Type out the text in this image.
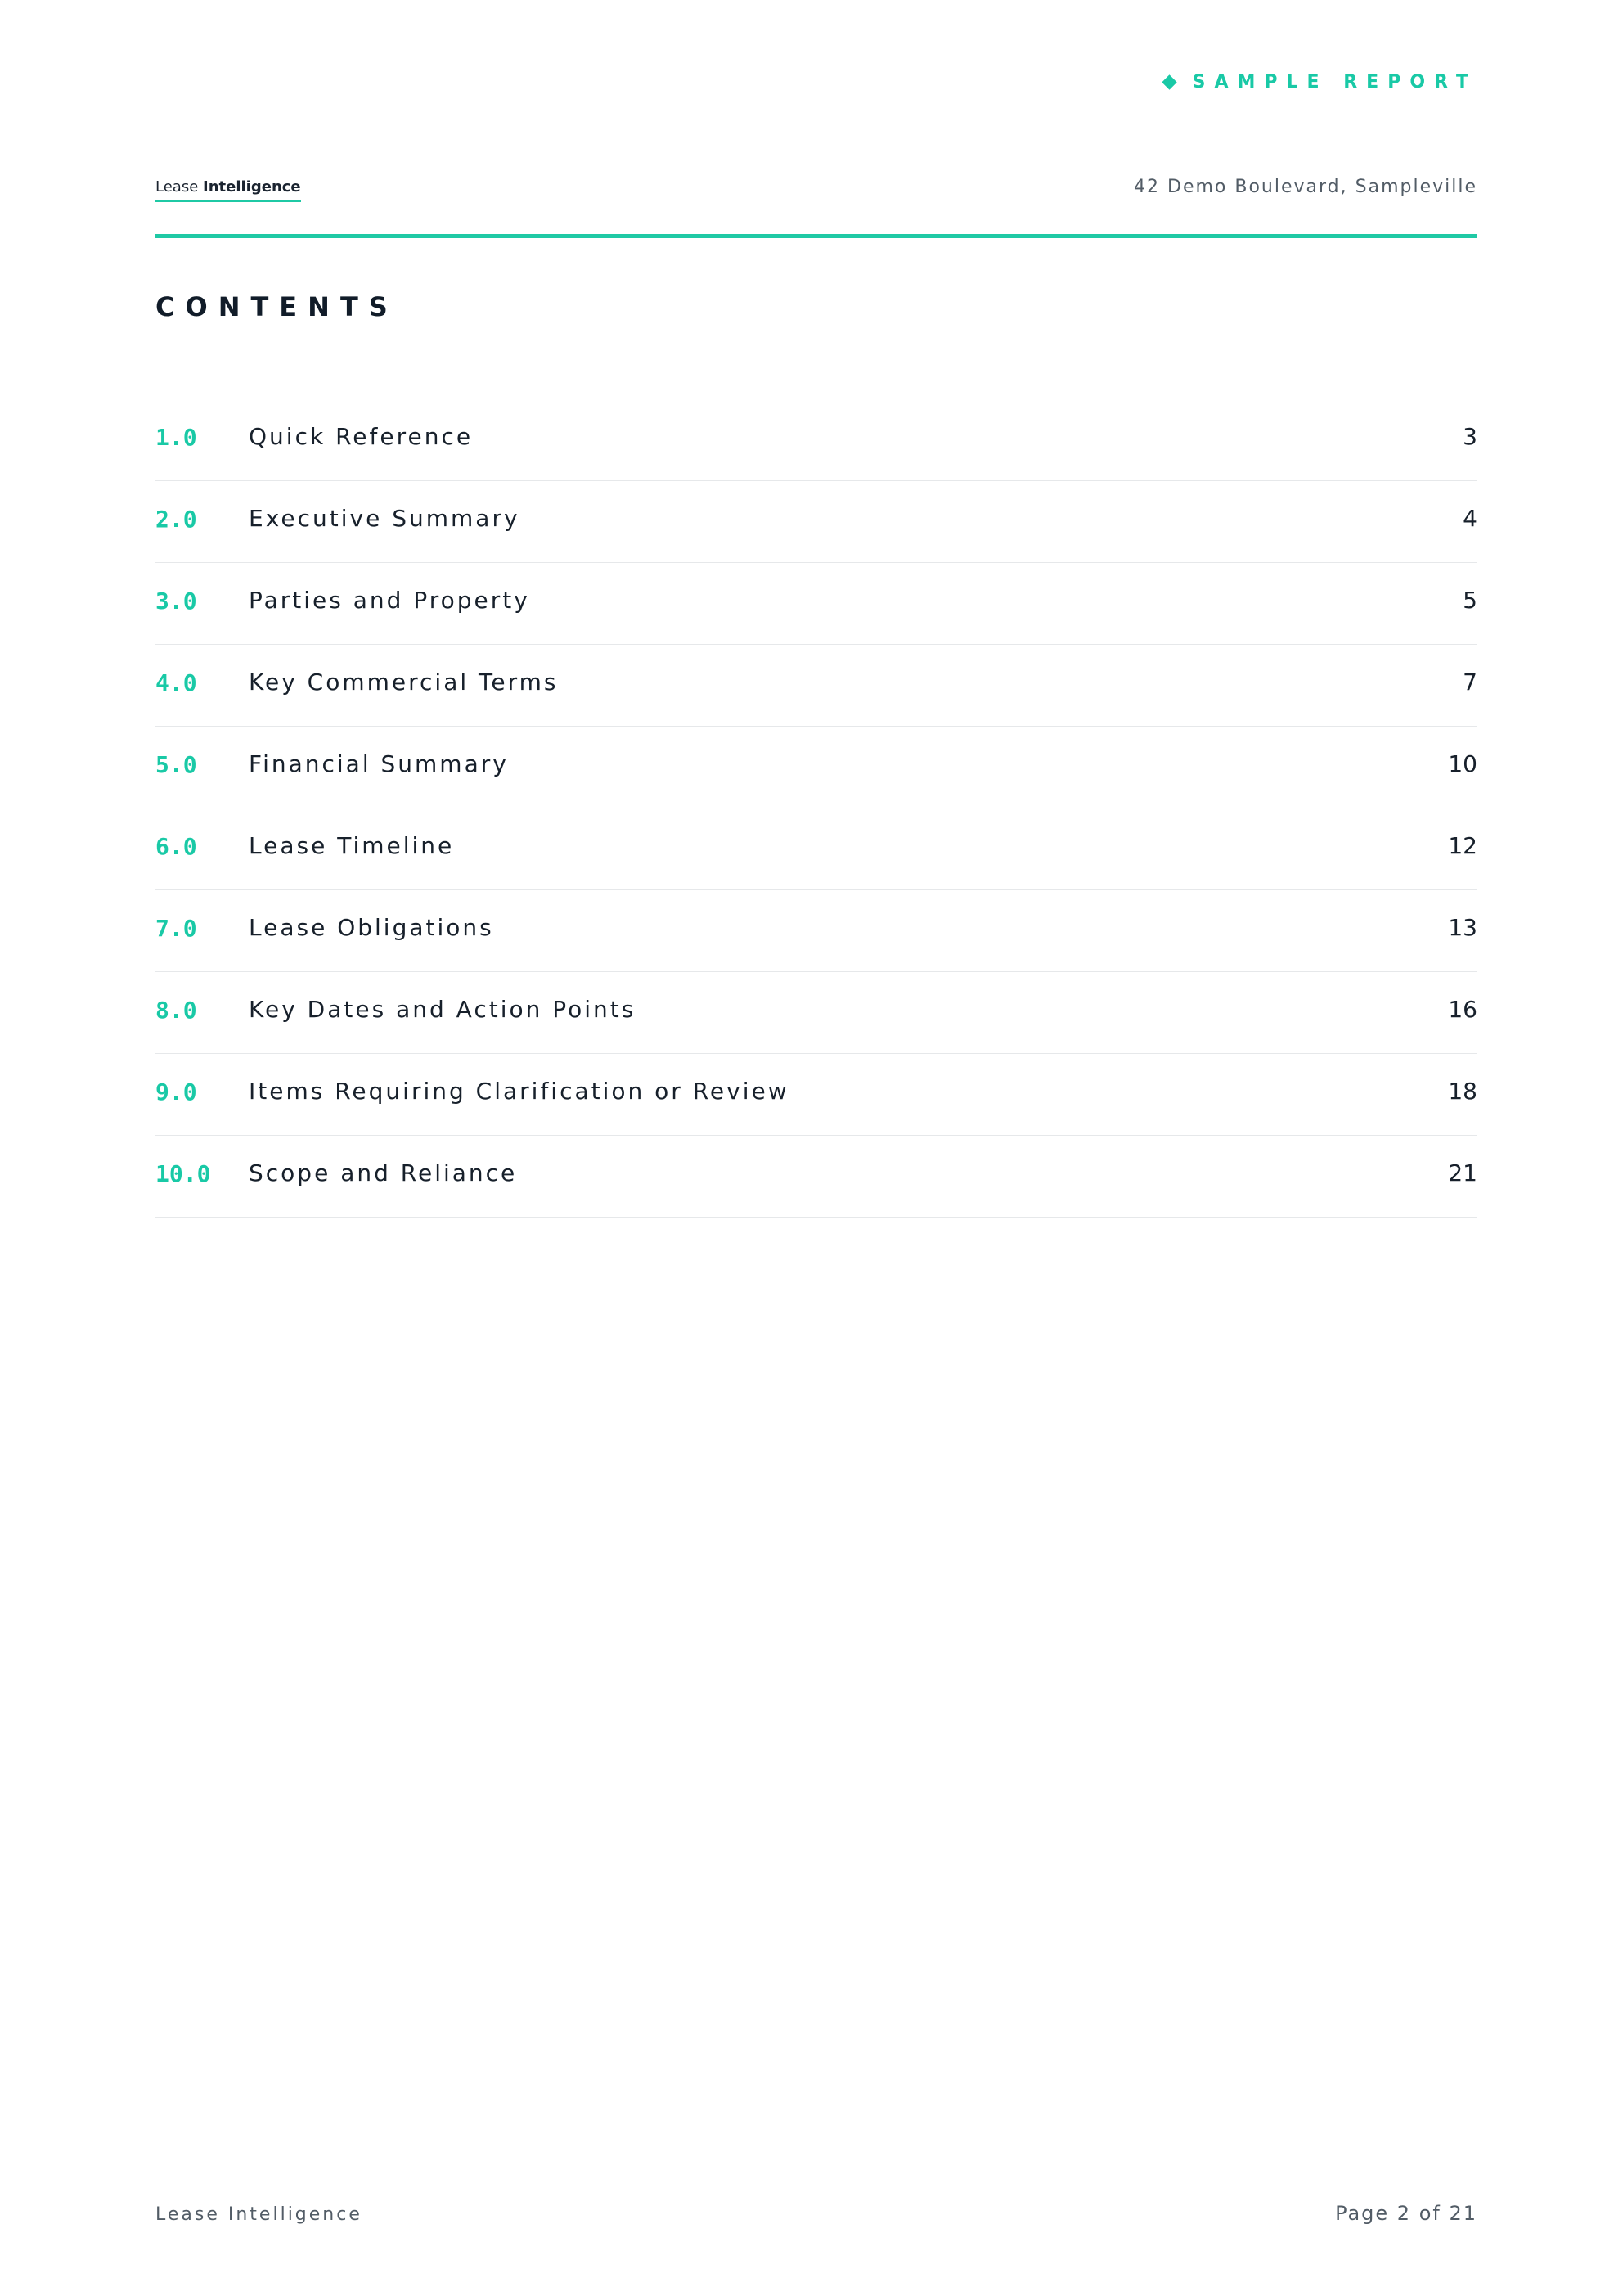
SAMPLE REPORT
Lease Intelligence	42 Demo Boulevard, Sampleville
CONTENTS
1.0 Quick Reference	3
2.0 Executive Summary	4
3.0 Parties and Property	5
4.0 Key Commercial Terms	7
5.0 Financial Summary	10
6.0 Lease Timeline	12
7.0 Lease Obligations	13
8.0 Key Dates and Action Points	16
9.0 Items Requiring Clarification or Review	18
10.0 Scope and Reliance	21
Lease Intelligence	Page 2 of 21
